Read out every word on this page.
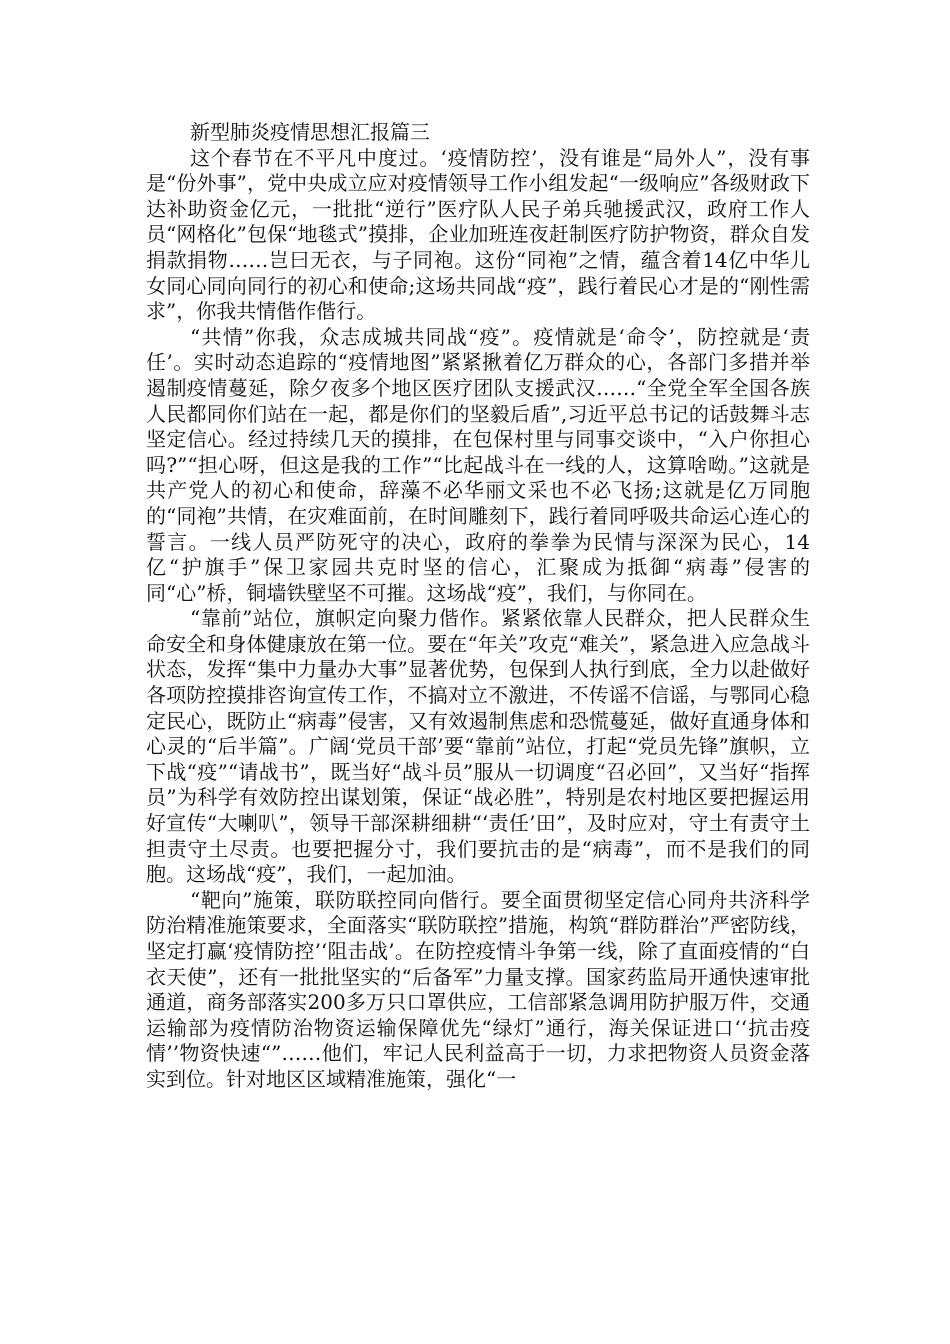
新型肺炎疫情思想汇报篇三

这个春节在不平凡中度过。‘疫情防控’，没有谁是“局外人”，没有事是“份外事”，党中央成立应对疫情领导工作小组发起“一级响应”各级财政下达补助资金亿元，一批批“逆行”医疗队人民子弟兵驰援武汉，政府工作人员“网格化”包保“地毯式”摸排，企业加班连夜赶制医疗防护物资，群众自发捐款捐物……岂曰无衣，与子同袍。这份“同袍”之情，蕴含着14亿中华儿女同心同向同行的初心和使命;这场共同战“疫”，践行着民心才是的“刚性需求”，你我共情偕作偕行。

“共情”你我，众志成城共同战“疫”。疫情就是‘命令’，防控就是‘责任’。实时动态追踪的“疫情地图”紧紧揪着亿万群众的心，各部门多措并举遏制疫情蔓延，除夕夜多个地区医疗团队支援武汉……“全党全军全国各族人民都同你们站在一起，都是你们的坚毅后盾”,习近平总书记的话鼓舞斗志坚定信心。经过持续几天的摸排，在包保村里与同事交谈中，“入户你担心吗?”“担心呀，但这是我的工作”“比起战斗在一线的人，这算啥呦。”这就是共产党人的初心和使命，辞藻不必华丽文采也不必飞扬;这就是亿万同胞的“同袍”共情，在灾难面前，在时间雕刻下，践行着同呼吸共命运心连心的誓言。一线人员严防死守的决心，政府的拳拳为民情与深深为民心，14亿“护旗手”保卫家园共克时坚的信心，汇聚成为抵御“病毒”侵害的同“心”桥，铜墙铁壁坚不可摧。这场战“疫”，我们，与你同在。

“靠前”站位，旗帜定向聚力偕作。紧紧依靠人民群众，把人民群众生命安全和身体健康放在第一位。要在“年关”攻克“难关”，紧急进入应急战斗状态，发挥“集中力量办大事”显著优势，包保到人执行到底，全力以赴做好各项防控摸排咨询宣传工作，不搞对立不激进，不传谣不信谣，与鄂同心稳定民心，既防止“病毒”侵害，又有效遏制焦虑和恐慌蔓延，做好直通身体和心灵的“后半篇”。广阔‘党员干部’要“靠前”站位，打起“党员先锋”旗帜，立下战“疫”“请战书”，既当好“战斗员”服从一切调度“召必回”，又当好“指挥员”为科学有效防控出谋划策，保证“战必胜”，特别是农村地区要把握运用好宣传“大喇叭”，领导干部深耕细耕“‘责任’田”，及时应对，守土有责守土担责守土尽责。也要把握分寸，我们要抗击的是“病毒”，而不是我们的同胞。这场战“疫”，我们，一起加油。

“靶向”施策，联防联控同向偕行。要全面贯彻坚定信心同舟共济科学防治精准施策要求，全面落实“联防联控”措施，构筑“群防群治”严密防线，坚定打赢‘疫情防控’‘阻击战’。在防控疫情斗争第一线，除了直面疫情的“白衣天使”，还有一批批坚实的“后备军”力量支撑。国家药监局开通快速审批通道，商务部落实200多万只口罩供应，工信部紧急调用防护服万件，交通运输部为疫情防治物资运输保障优先“绿灯”通行，海关保证进口‘‘抗击疫情’’物资快速“”……他们，牢记人民利益高于一切，力求把物资人员资金落实到位。针对地区区域精准施策，强化“一
